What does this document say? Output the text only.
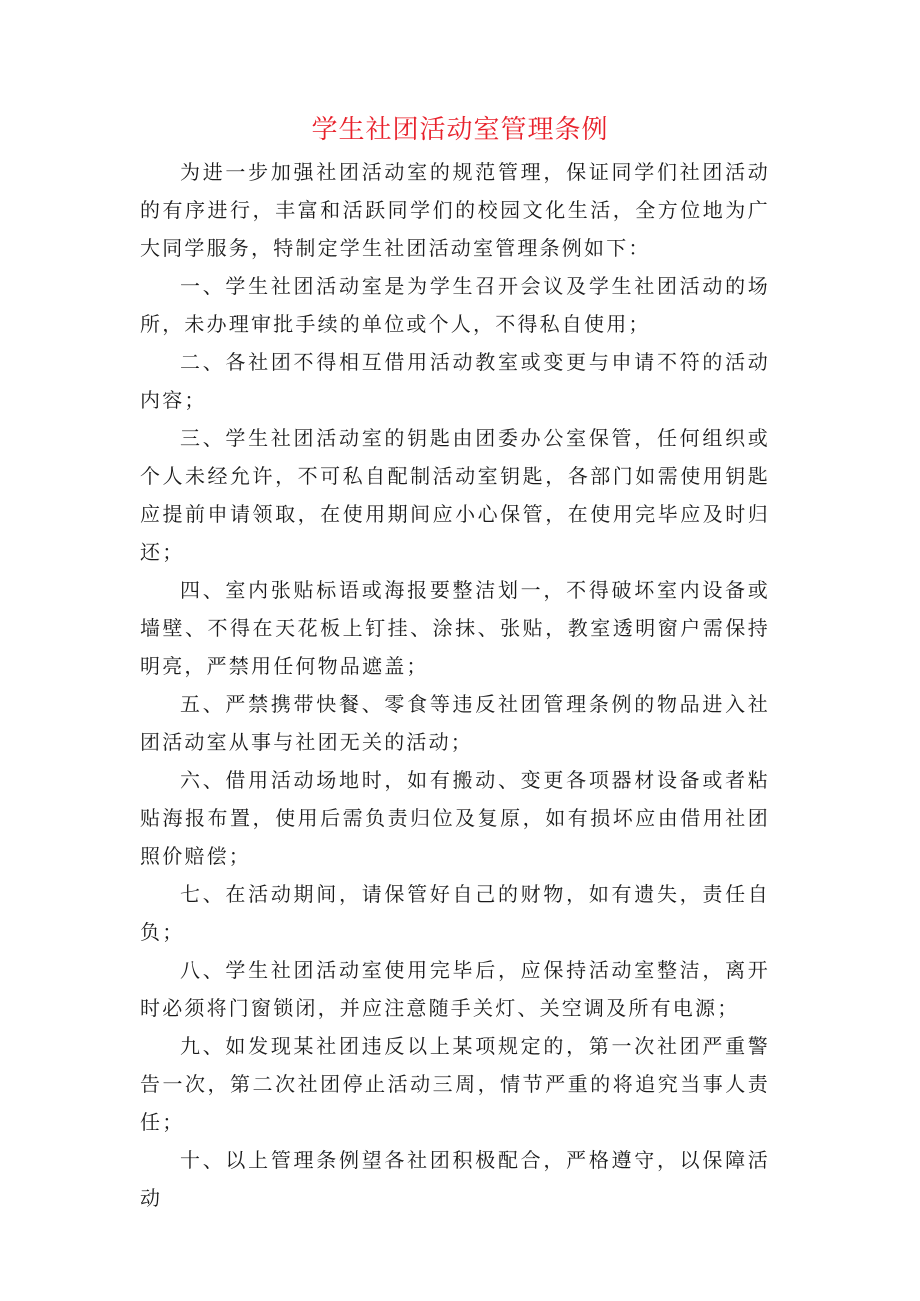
学生社团活动室管理条例

为进一步加强社团活动室的规范管理，保证同学们社团活动的有序进行，丰富和活跃同学们的校园文化生活，全方位地为广大同学服务，特制定学生社团活动室管理条例如下：

一、学生社团活动室是为学生召开会议及学生社团活动的场所，未办理审批手续的单位或个人，不得私自使用；

二、各社团不得相互借用活动教室或变更与申请不符的活动内容；

三、学生社团活动室的钥匙由团委办公室保管，任何组织或个人未经允许，不可私自配制活动室钥匙，各部门如需使用钥匙应提前申请领取，在使用期间应小心保管，在使用完毕应及时归还；

四、室内张贴标语或海报要整洁划一，不得破坏室内设备或墙壁、不得在天花板上钉挂、涂抹、张贴，教室透明窗户需保持明亮，严禁用任何物品遮盖；

五、严禁携带快餐、零食等违反社团管理条例的物品进入社团活动室从事与社团无关的活动；

六、借用活动场地时，如有搬动、变更各项器材设备或者粘贴海报布置，使用后需负责归位及复原，如有损坏应由借用社团照价赔偿；

七、在活动期间，请保管好自己的财物，如有遗失，责任自负；

八、学生社团活动室使用完毕后，应保持活动室整洁，离开时必须将门窗锁闭，并应注意随手关灯、关空调及所有电源；

九、如发现某社团违反以上某项规定的，第一次社团严重警告一次，第二次社团停止活动三周，情节严重的将追究当事人责任；

十、以上管理条例望各社团积极配合，严格遵守，以保障活动
